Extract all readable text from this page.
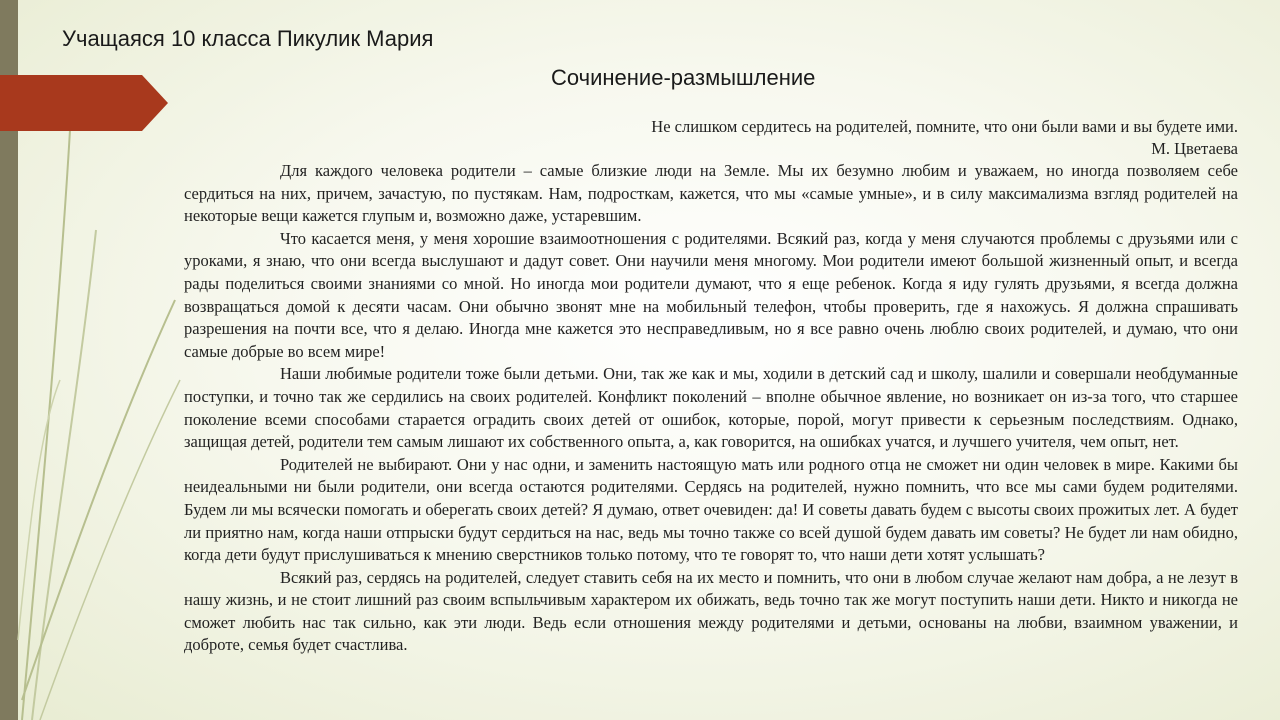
Учащаяся 10 класса Пикулик Мария
Сочинение-размышление
Не слишком сердитесь на родителей, помните, что они были вами и вы будете ими.
М. Цветаева

Для каждого человека родители – самые близкие люди на Земле. Мы их безумно любим и уважаем, но иногда позволяем себе сердиться на них, причем, зачастую, по пустякам. Нам, подросткам, кажется, что мы «самые умные», и в силу максимализма взгляд родителей на некоторые вещи кажется глупым и, возможно даже, устаревшим.

Что касается меня, у меня хорошие взаимоотношения с родителями. Всякий раз, когда у меня случаются проблемы с друзьями или с уроками, я знаю, что они всегда выслушают и дадут совет. Они научили меня многому. Мои родители имеют большой жизненный опыт, и всегда рады поделиться своими знаниями со мной. Но иногда мои родители думают, что я еще ребенок. Когда я иду гулять друзьями, я всегда должна возвращаться домой к десяти часам. Они обычно звонят мне на мобильный телефон, чтобы проверить, где я нахожусь. Я должна спрашивать разрешения на почти все, что я делаю. Иногда мне кажется это несправедливым, но я все равно очень люблю своих родителей, и думаю, что они самые добрые во всем мире!

Наши любимые родители тоже были детьми. Они, так же как и мы, ходили в детский сад и школу, шалили и совершали необдуманные поступки, и точно так же сердились на своих родителей. Конфликт поколений – вполне обычное явление, но возникает он из-за того, что старшее поколение всеми способами старается оградить своих детей от ошибок, которые, порой, могут привести к серьезным последствиям. Однако, защищая детей, родители тем самым лишают их собственного опыта, а, как говорится, на ошибках учатся, и лучшего учителя, чем опыт, нет.

Родителей не выбирают. Они у нас одни, и заменить настоящую мать или родного отца не сможет ни один человек в мире. Какими бы неидеальными ни были родители, они всегда остаются родителями. Сердясь на родителей, нужно помнить, что все мы сами будем родителями. Будем ли мы всячески помогать и оберегать своих детей? Я думаю, ответ очевиден: да! И советы давать будем с высоты своих прожитых лет. А будет ли приятно нам, когда наши отпрыски будут сердиться на нас, ведь мы точно также со всей душой будем давать им советы? Не будет ли нам обидно, когда дети будут прислушиваться к мнению сверстников только потому, что те говорят то, что наши дети хотят услышать?

Всякий раз, сердясь на родителей, следует ставить себя на их место и помнить, что они в любом случае желают нам добра, а не лезут в нашу жизнь, и не стоит лишний раз своим вспыльчивым характером их обижать, ведь точно так же могут поступить наши дети. Никто и никогда не сможет любить нас так сильно, как эти люди. Ведь если отношения между родителями и детьми, основаны на любви, взаимном уважении, и доброте, семья будет счастлива.
